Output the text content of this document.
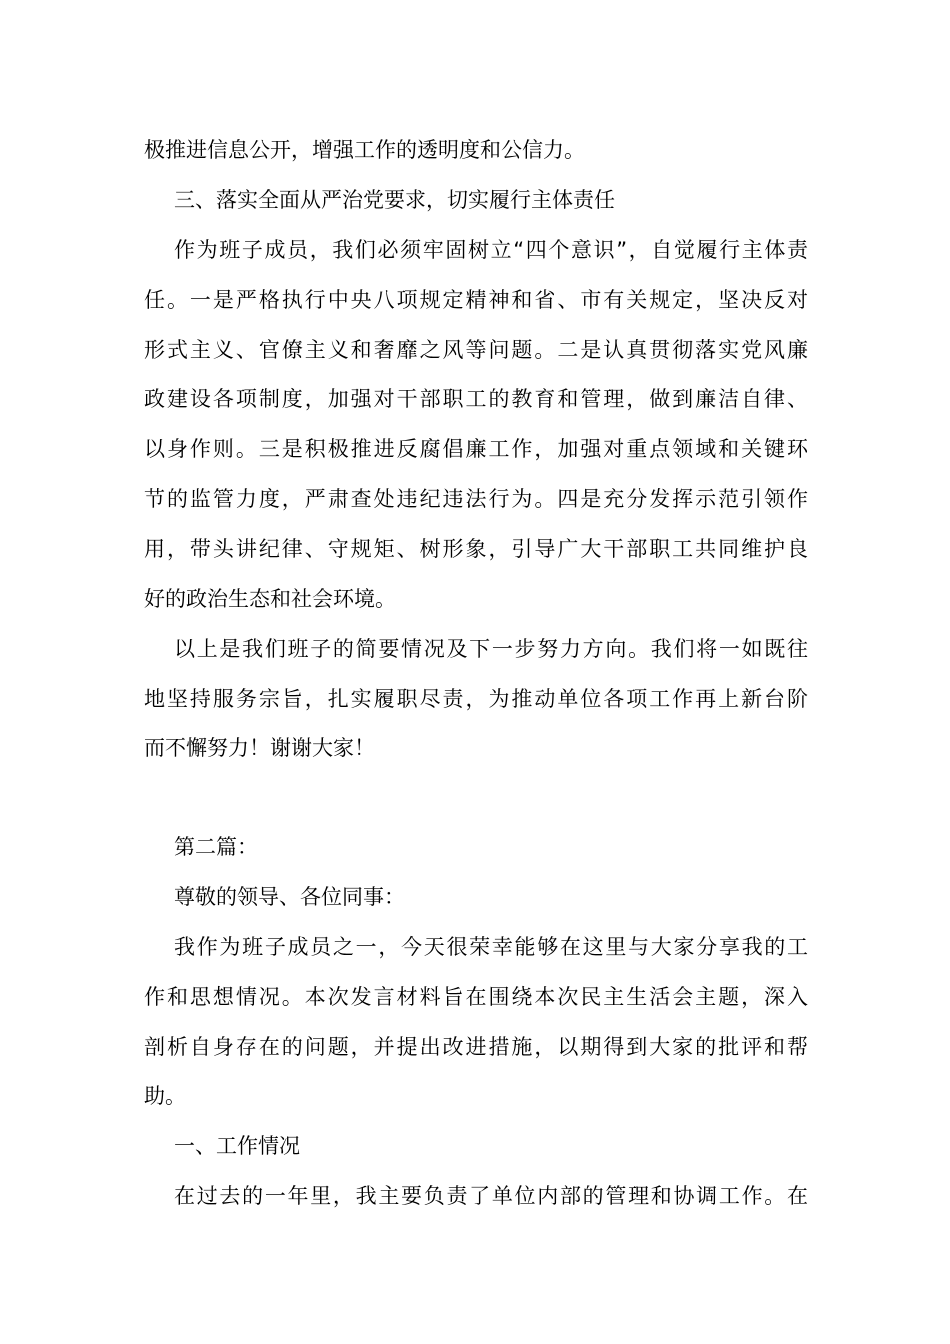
极推进信息公开，增强工作的透明度和公信力。
三、落实全面从严治党要求，切实履行主体责任
作为班子成员，我们必须牢固树立“四个意识”，自觉履行主体责
任。一是严格执行中央八项规定精神和省、市有关规定，坚决反对
形式主义、官僚主义和奢靡之风等问题。二是认真贯彻落实党风廉
政建设各项制度，加强对干部职工的教育和管理，做到廉洁自律、
以身作则。三是积极推进反腐倡廉工作，加强对重点领域和关键环
节的监管力度，严肃查处违纪违法行为。四是充分发挥示范引领作
用，带头讲纪律、守规矩、树形象，引导广大干部职工共同维护良
好的政治生态和社会环境。
以上是我们班子的简要情况及下一步努力方向。我们将一如既往
地坚持服务宗旨，扎实履职尽责，为推动单位各项工作再上新台阶
而不懈努力！谢谢大家！
第二篇：
尊敬的领导、各位同事：
我作为班子成员之一，今天很荣幸能够在这里与大家分享我的工
作和思想情况。本次发言材料旨在围绕本次民主生活会主题，深入
剖析自身存在的问题，并提出改进措施，以期得到大家的批评和帮
助。
一、工作情况
在过去的一年里，我主要负责了单位内部的管理和协调工作。在
